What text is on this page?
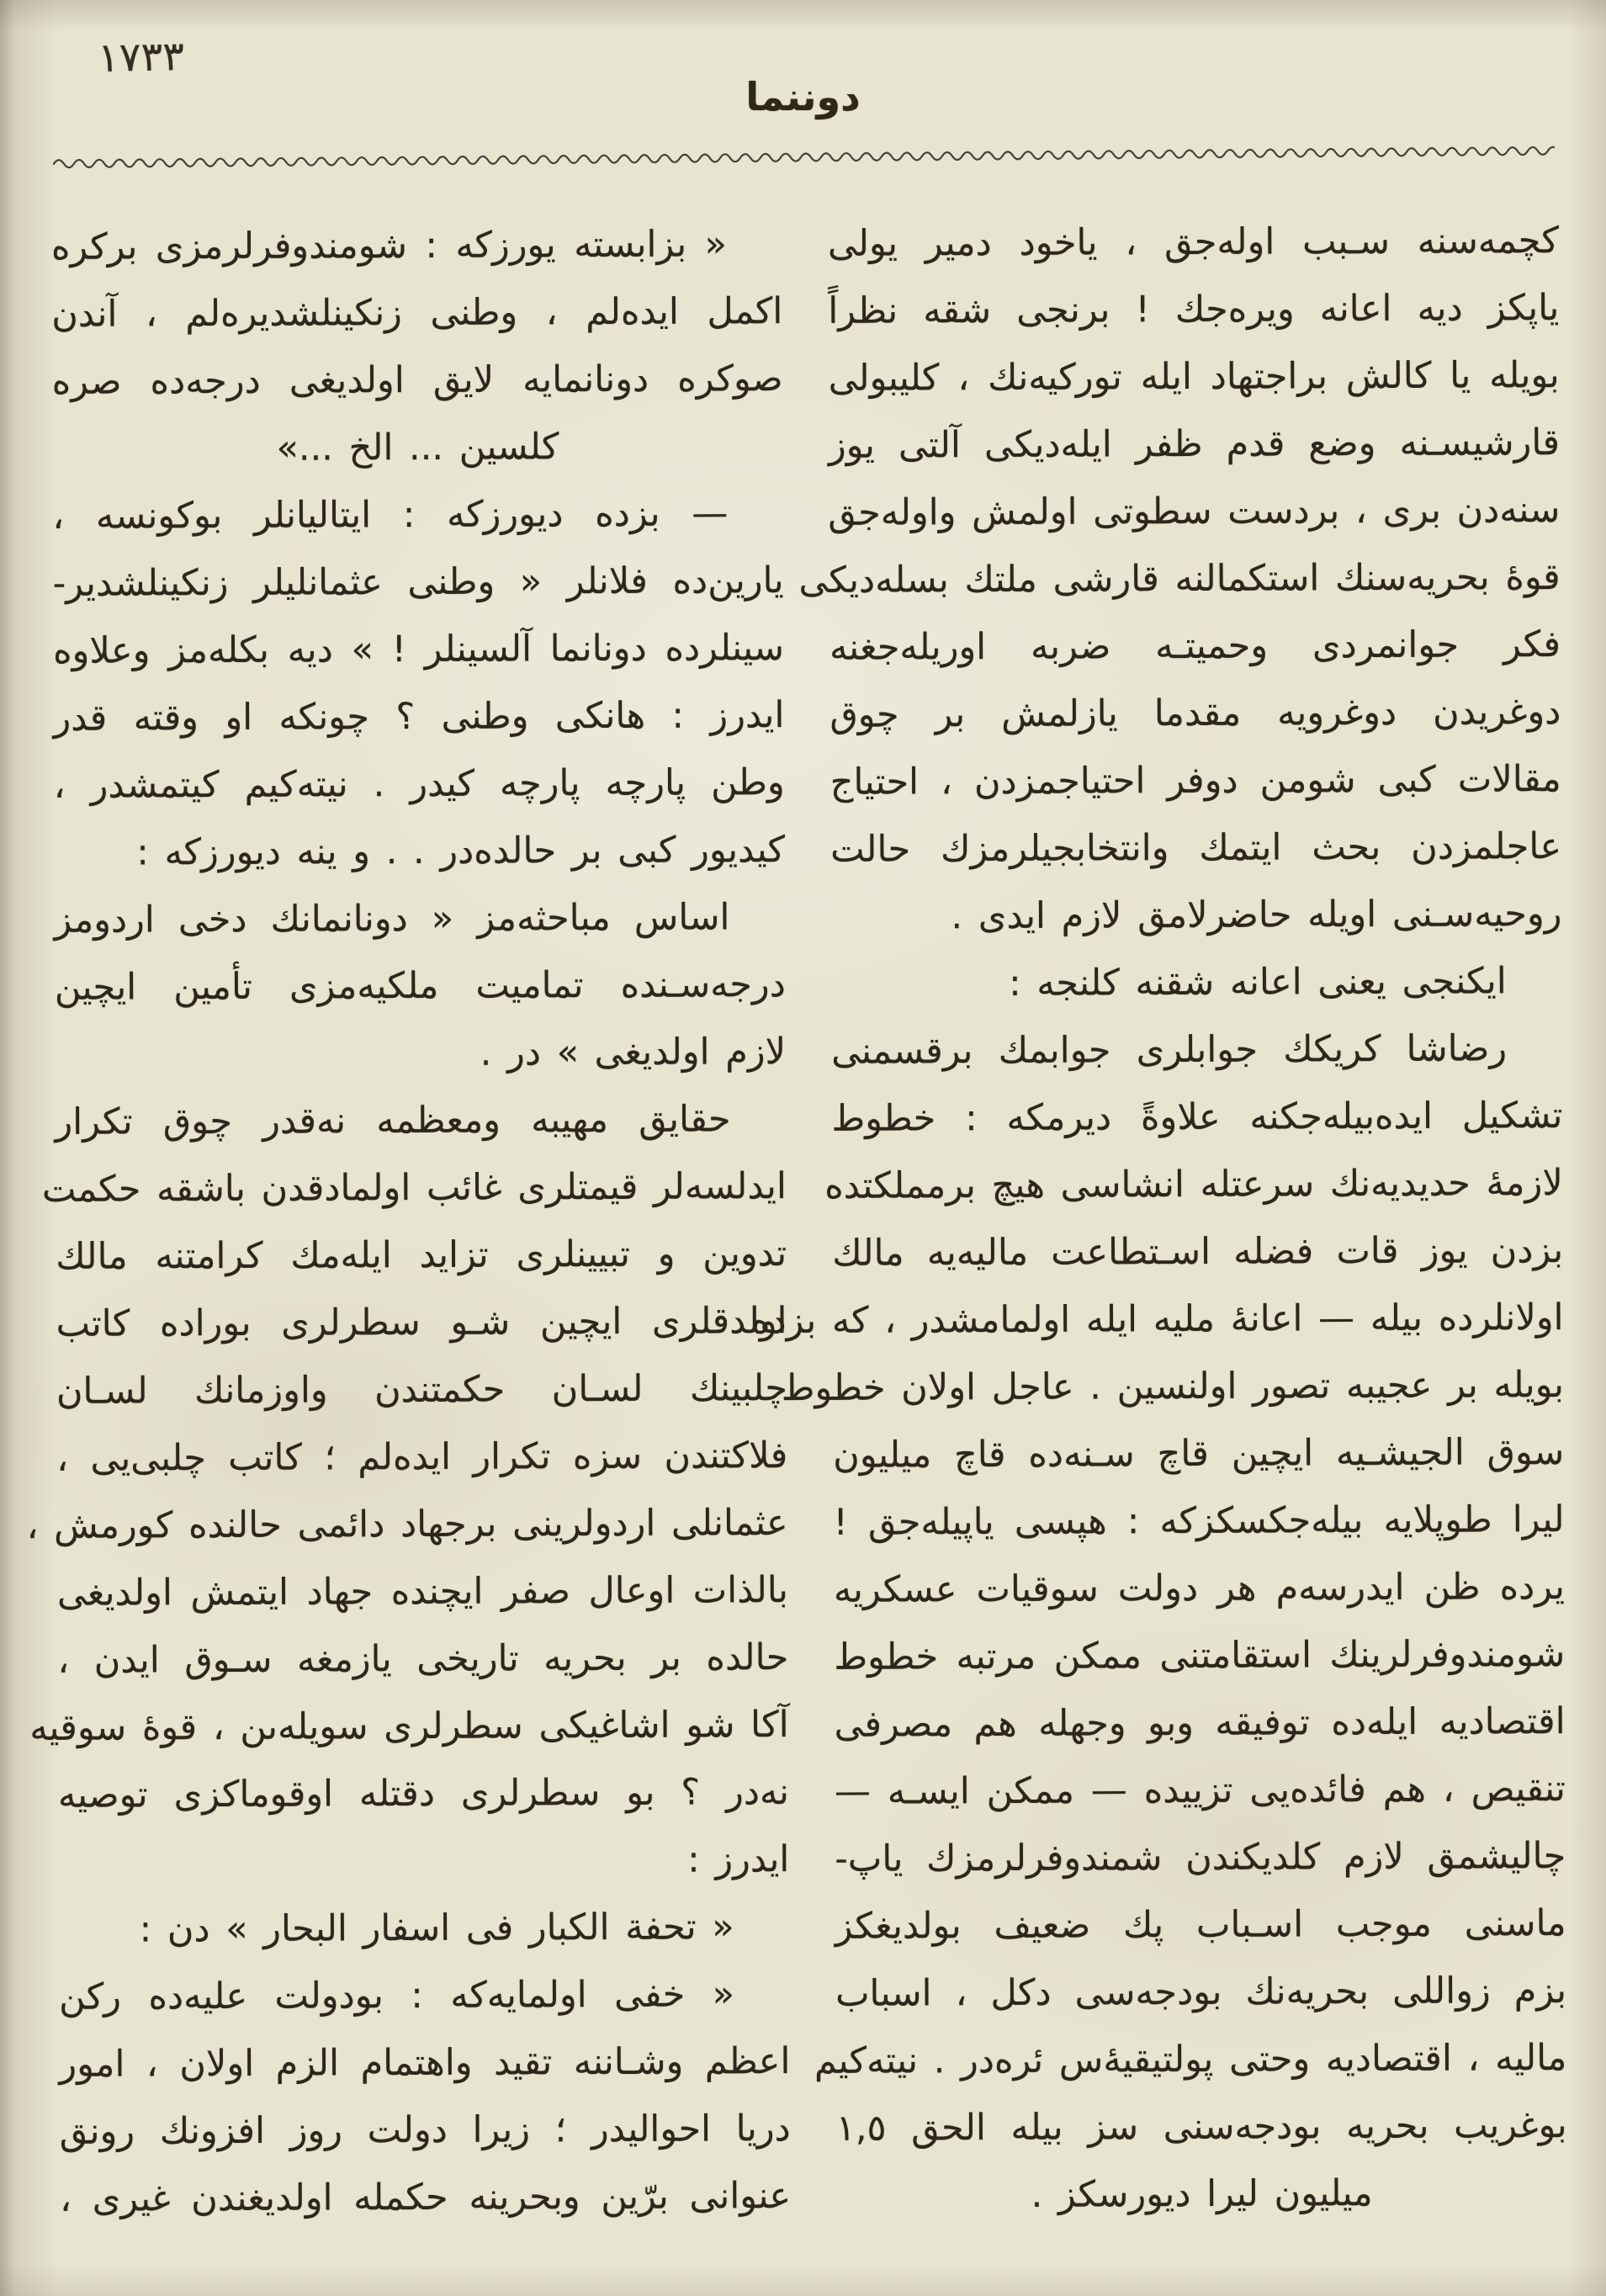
١٧٣٣
دوننما
كچمه‌سنه سـبب اوله‌جق ، ياخود دمير يولى
ياپكز ديه اعانه ويره‌جك ! برنجى شقه نظراً
بويله يا كالش براجتهاد ايله توركيه‌نك ، كليبولى
قارشيسـنه وضع قدم ظفر ايله‌ديكى آلتى يوز
سنه‌دن برى ، بردست سطوتى اولمش واوله‌جق
قوهٔ بحريه‌سنك استكمالنه قارشى ملتك بسله‌ديكى
فكر جوانمردى وحميتـه ضربه اوريله‌جغنه
دوغريدن دوغرويه مقدما يازلمش بر چوق
مقالات كبى شومن دوفر احتياجمزدن ، احتياج
عاجلمزدن بحث ايتمك وانتخابجيلرمزك حالت
روحيه‌سـنى اويله حاضرلامق لازم ايدى .
ايكنجى يعنى اعانه شقنه كلنجه :
رضاشا كريكك جوابلرى جوابمك برقسمنى
تشكيل ايده‌بيله‌جكنه علاوةً ديرمكه : خطوط
لازمهٔ حديديه‌نك سرعتله انشاسى هيچ برمملكتده
بزدن يوز قات فضله اسـتطاعت ماليه‌يه مالك
اولانلرده بيله — اعانهٔ مليه ايله اولمامشدر ، كه بزده
بويله بر عجيبه تصور اولنسين . عاجل اولان خطوط
سوق الجيشـيه ايچين قاچ سـنه‌ده قاچ ميليون
ليرا طوپلايه بيله‌جكسكزكه : هپسى ياپيله‌جق !
يرده ظن ايدرسه‌م هر دولت سوقيات عسكريه
شومندوفرلرينك استقامتنى ممكن مرتبه خطوط
اقتصاديه ايله‌ده توفيقه وبو وجهله هم مصرفى
تنقيص ، هم فائده‌يى تزييده — ممكن ايسـه —
چاليشمق لازم كلديكندن شمندوفرلرمزك ياپ-
ماسنى موجب اسـباب پك ضعيف بولديغكز
بزم زواللى بحريه‌نك بودجه‌سى دكل ، اسباب
ماليه ، اقتصاديه وحتى پولتيقيهٔ‌س ئره‌در . نيته‌كيم
بوغريب بحريه بودجه‌سنى سز بيله الحق ١,٥
ميليون ليرا ديورسكز .
« بزابسته يورزكه : شومندوفرلرمزى بركره
اكمل ايده‌لم ، وطنى زنكينلشديره‌لم ، آندن
صوكره دونانمايه لايق اولديغى درجه‌ده صره
كلسين ... الخ ...»
— بزده ديورزكه : ايتاليانلر بوكونسه ،
يارين‌ده فلانلر « وطنى عثمانليلر زنكينلشدير-
سينلرده دونانما آلسينلر ! » ديه بكله‌مز وعلاوه
ايدرز : هانكى وطنى ؟ چونكه او وقته قدر
وطن پارچه پارچه كيدر . نيته‌كيم كيتمشدر ،
كيديور كبى بر حالده‌در . . و ينه ديورزكه :
اساس مباحثه‌مز « دونانمانك دخى اردومز
درجه‌سـنده تماميت ملكيه‌مزى تأمين ايچين
لازم اولديغى » در .
حقايق مهيبه ومعظمه نه‌قدر چوق تكرار
ايدلسه‌لر قيمتلرى غائب اولمادقدن باشقه حكمت
تدوين و تبيينلرى تزايد ايله‌مك كرامتنه مالك
اولدقلرى ايچين شـو سطرلرى بوراده كاتب
چلبينك لسـان حكمتندن واوزمانك لسـان
فلاكتندن سزه تكرار ايده‌لم ؛ كاتب چلبى‌يى ،
عثمانلى اردولرينى برجهاد دائمى حالنده كورمش ،
بالذات اوعال صفر ايچنده جهاد ايتمش اولديغى
حالده بر بحريه تاريخى يازمغه سـوق ايدن ،
آكا شو اشاغيكى سطرلرى سويله‌ىن ، قوهٔ سوقيه
نه‌در ؟ بو سطرلرى دقتله اوقوماكزى توصيه
ايدرز :
« تحفة الكبار فى اسفار البحار » دن :
« خفى اولمايه‌كه : بودولت عليه‌ده ركن
اعظم وشـاننه تقيد واهتمام الزم اولان ، امور
دريا احواليدر ؛ زيرا دولت روز افزونك رونق
عنوانى برّين وبحرينه حكمله اولديغندن غيرى ،
